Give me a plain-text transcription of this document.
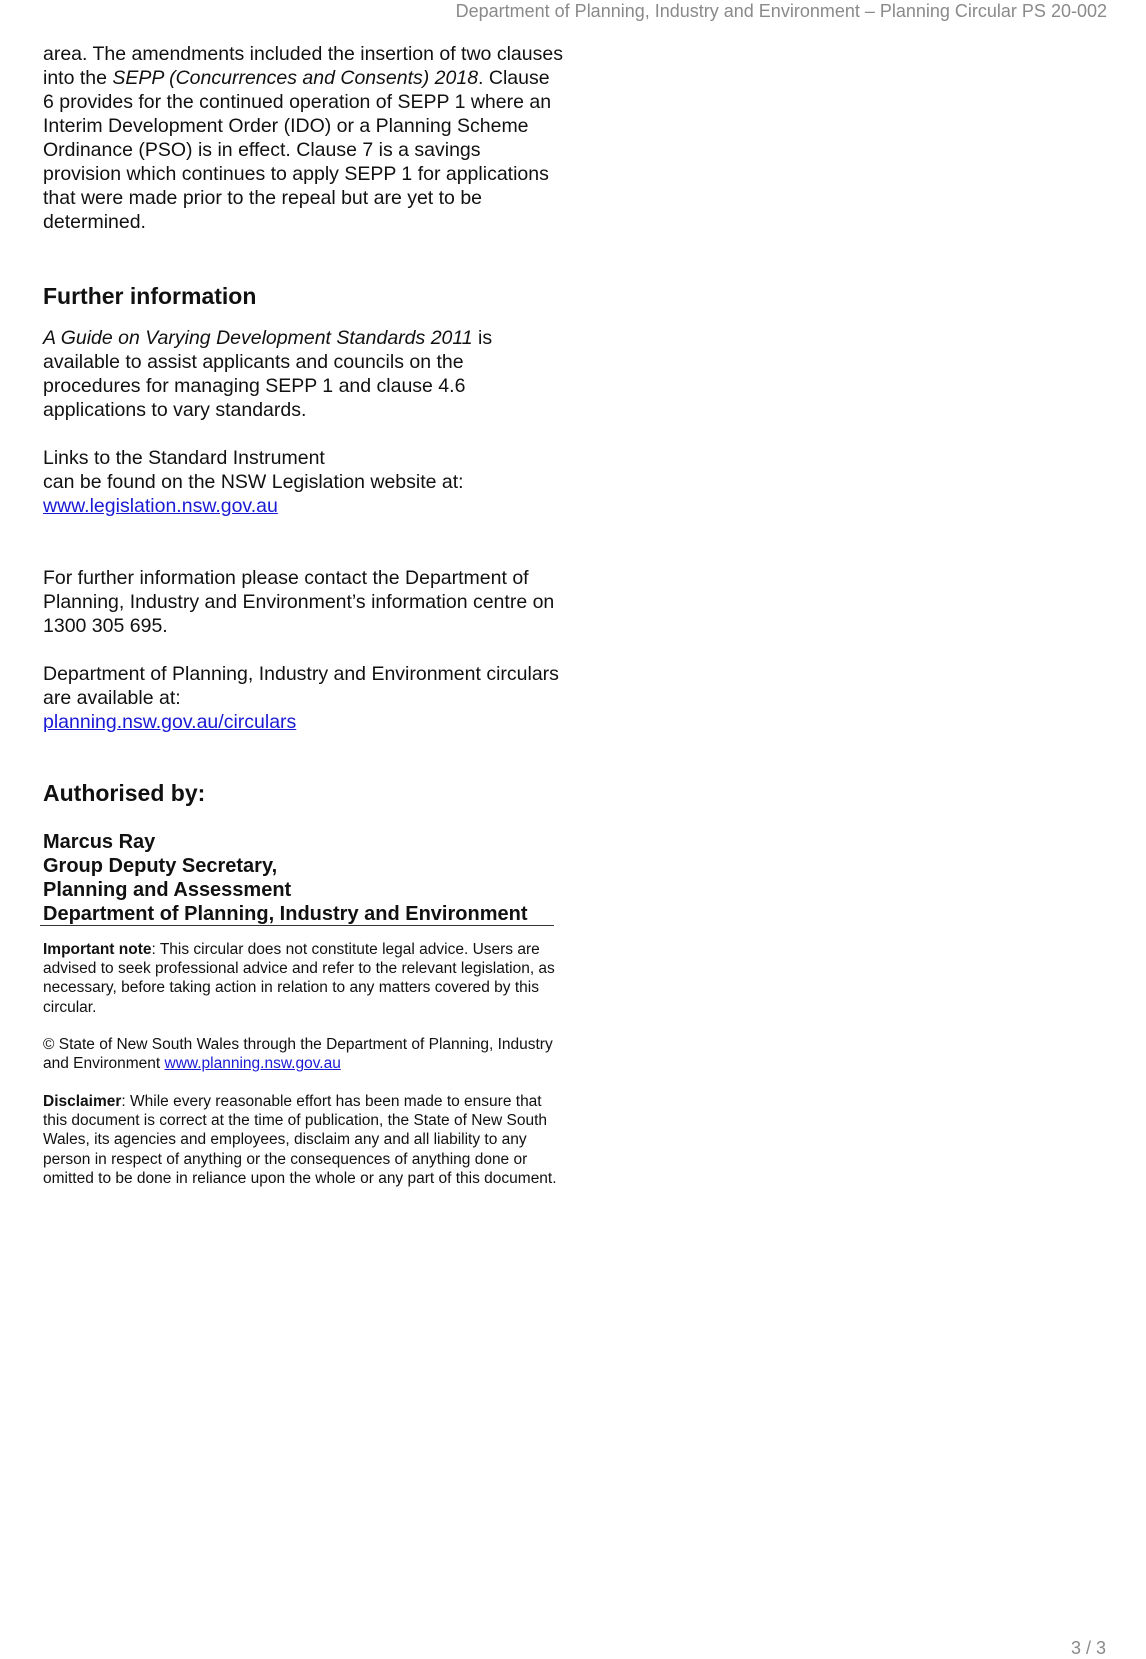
Department of Planning, Industry and Environment – Planning Circular PS 20-002

area. The amendments included the insertion of two clauses into the SEPP (Concurrences and Consents) 2018. Clause 6 provides for the continued operation of SEPP 1 where an Interim Development Order (IDO) or a Planning Scheme Ordinance (PSO) is in effect. Clause 7 is a savings provision which continues to apply SEPP 1 for applications that were made prior to the repeal but are yet to be determined.

Further information

A Guide on Varying Development Standards 2011 is available to assist applicants and councils on the procedures for managing SEPP 1 and clause 4.6 applications to vary standards.

Links to the Standard Instrument
can be found on the NSW Legislation website at:
www.legislation.nsw.gov.au

For further information please contact the Department of Planning, Industry and Environment’s information centre on 1300 305 695.

Department of Planning, Industry and Environment circulars are available at:
planning.nsw.gov.au/circulars

Authorised by:
Marcus Ray
Group Deputy Secretary,
Planning and Assessment
Department of Planning, Industry and Environment

Important note: This circular does not constitute legal advice. Users are advised to seek professional advice and refer to the relevant legislation, as necessary, before taking action in relation to any matters covered by this circular.

© State of New South Wales through the Department of Planning, Industry and Environment www.planning.nsw.gov.au

Disclaimer: While every reasonable effort has been made to ensure that this document is correct at the time of publication, the State of New South Wales, its agencies and employees, disclaim any and all liability to any person in respect of anything or the consequences of anything done or omitted to be done in reliance upon the whole or any part of this document.

3 / 3
